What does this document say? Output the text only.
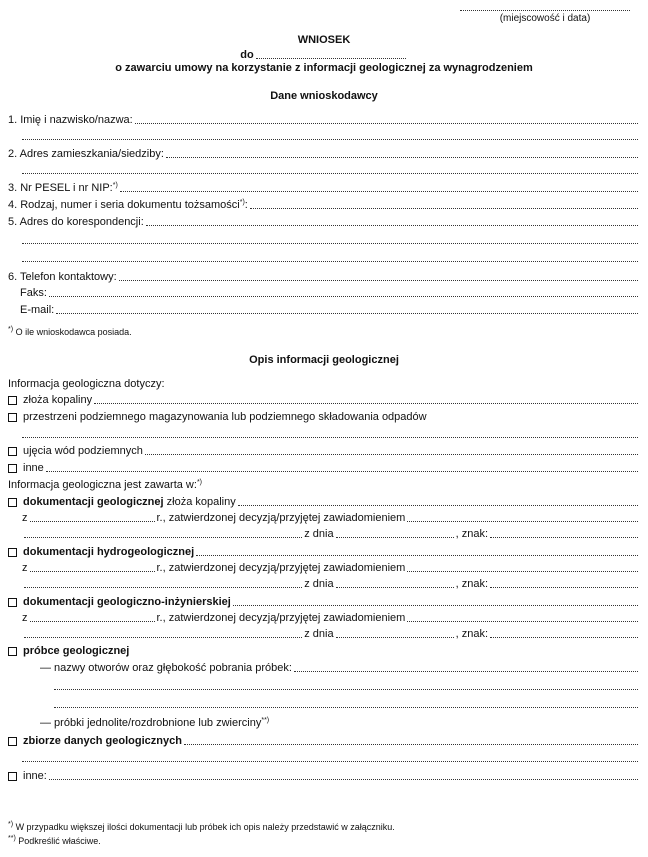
(miejscowość i data)
WNIOSEK
do
o zawarciu umowy na korzystanie z informacji geologicznej za wynagrodzeniem
Dane wnioskodawcy
1. Imię i nazwisko/nazwa:
2. Adres zamieszkania/siedziby:
3. Nr PESEL i nr NIP:*)
4. Rodzaj, numer i seria dokumentu tożsamości*):
5. Adres do korespondencji:
6. Telefon kontaktowy:
Faks:
E-mail:
*) O ile wnioskodawca posiada.
Opis informacji geologicznej
Informacja geologiczna dotyczy:
złoża kopaliny
przestrzeni podziemnego magazynowania lub podziemnego składowania odpadów
ujęcia wód podziemnych
inne
Informacja geologiczna jest zawarta w:*)
dokumentacji geologicznej złoża kopaliny
z	r., zatwierdzonej decyzją/przyjętej zawiadomieniem
z dnia	, znak:
dokumentacji hydrogeologicznej
z	r., zatwierdzonej decyzją/przyjętej zawiadomieniem
z dnia	, znak:
dokumentacji geologiczno-inżynierskiej
z	r., zatwierdzonej decyzją/przyjętej zawiadomieniem
z dnia	, znak:
próbce geologicznej
— nazwy otworów oraz głębokość pobrania próbek:
— próbki jednolite/rozdrobnione lub zwierciny**)
zbiorze danych geologicznych
inne:
*) W przypadku większej ilości dokumentacji lub próbek ich opis należy przedstawić w załączniku.
**) Podkreślić właściwe.
